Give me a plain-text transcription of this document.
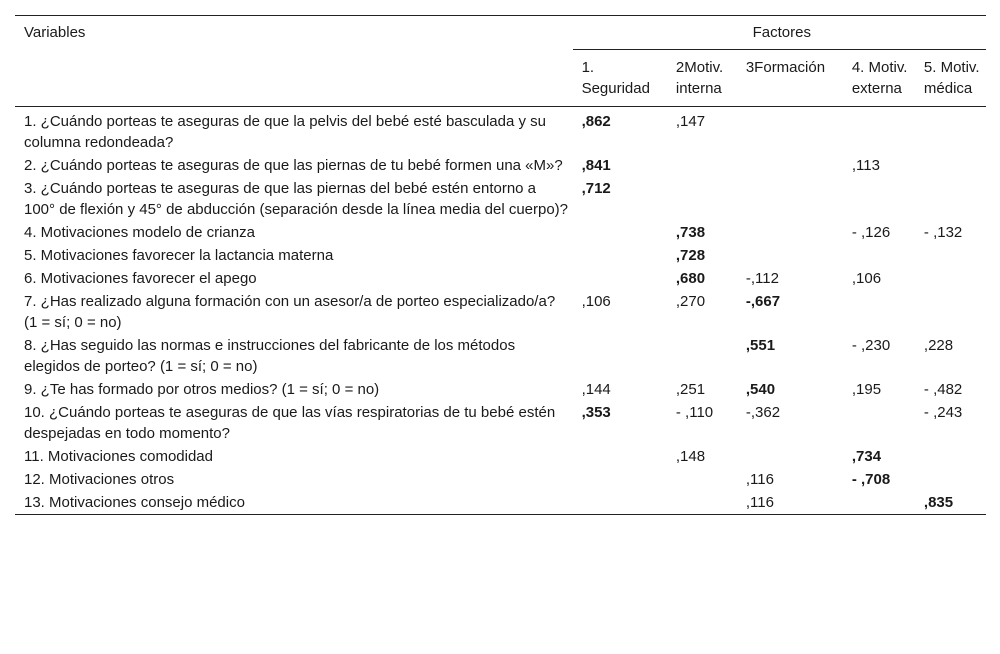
Variables	Factores				

	1. Seguridad	2Motiv. interna	3Formación	4. Motiv. externa	5. Motiv. médica

1. ¿Cuándo porteas te aseguras de que la pelvis del bebé esté basculada y su columna redondeada?	,862	,147			
2. ¿Cuándo porteas te aseguras de que las piernas de tu bebé formen una «M»?	,841			,113	
3. ¿Cuándo porteas te aseguras de que las piernas del bebé estén entorno a 100° de flexión y 45° de abducción (separación desde la línea media del cuerpo)?	,712				
4. Motivaciones modelo de crianza		,738		- ,126	- ,132
5. Motivaciones favorecer la lactancia materna		,728			
6. Motivaciones favorecer el apego		,680	-,112	,106	
7. ¿Has realizado alguna formación con un asesor/a de porteo especializado/a? (1 = sí; 0 = no)	,106	,270	-,667		
8. ¿Has seguido las normas e instrucciones del fabricante de los métodos elegidos de porteo? (1 = sí; 0 = no)			,551	- ,230	,228
9. ¿Te has formado por otros medios? (1 = sí; 0 = no)	,144	,251	,540	,195	- ,482
10. ¿Cuándo porteas te aseguras de que las vías respiratorias de tu bebé estén despejadas en todo momento?	,353	- ,110	-,362		- ,243
11. Motivaciones comodidad		,148		,734	
12. Motivaciones otros			,116	- ,708	
13. Motivaciones consejo médico			,116		,835
